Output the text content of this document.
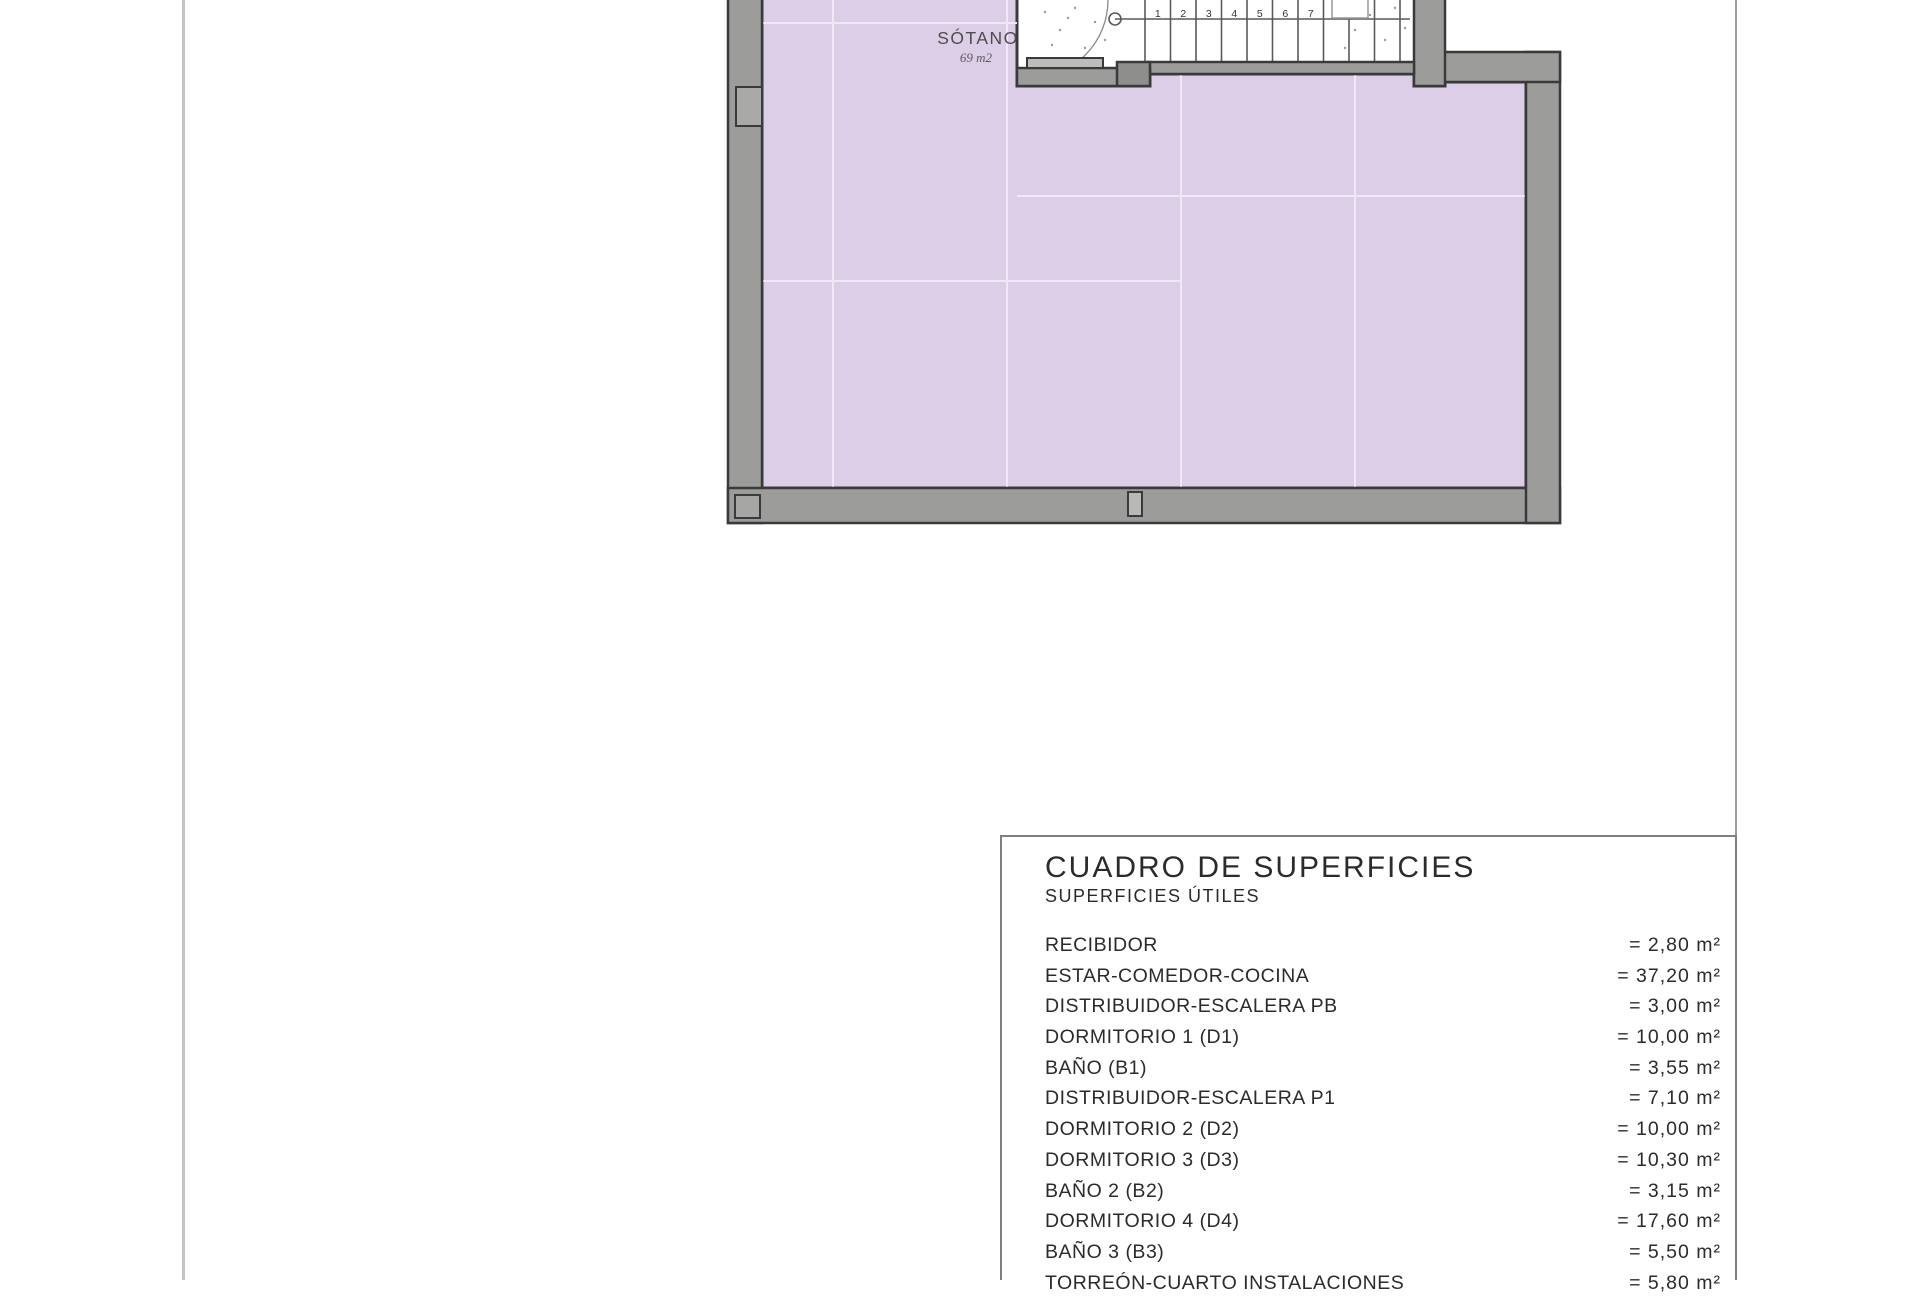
1 2 3 4 5 6 7
SÓTANO
69 m2
CUADRO DE SUPERFICIES
SUPERFICIES ÚTILES
RECIBIDOR	= 2,80 m²
ESTAR-COMEDOR-COCINA	= 37,20 m²
DISTRIBUIDOR-ESCALERA PB	= 3,00 m²
DORMITORIO 1 (D1)	= 10,00 m²
BAÑO (B1)	= 3,55 m²
DISTRIBUIDOR-ESCALERA P1	= 7,10 m²
DORMITORIO 2 (D2)	= 10,00 m²
DORMITORIO 3 (D3)	= 10,30 m²
BAÑO 2 (B2)	= 3,15 m²
DORMITORIO 4 (D4)	= 17,60 m²
BAÑO 3 (B3)	= 5,50 m²
TORREÓN-CUARTO INSTALACIONES	= 5,80 m²
